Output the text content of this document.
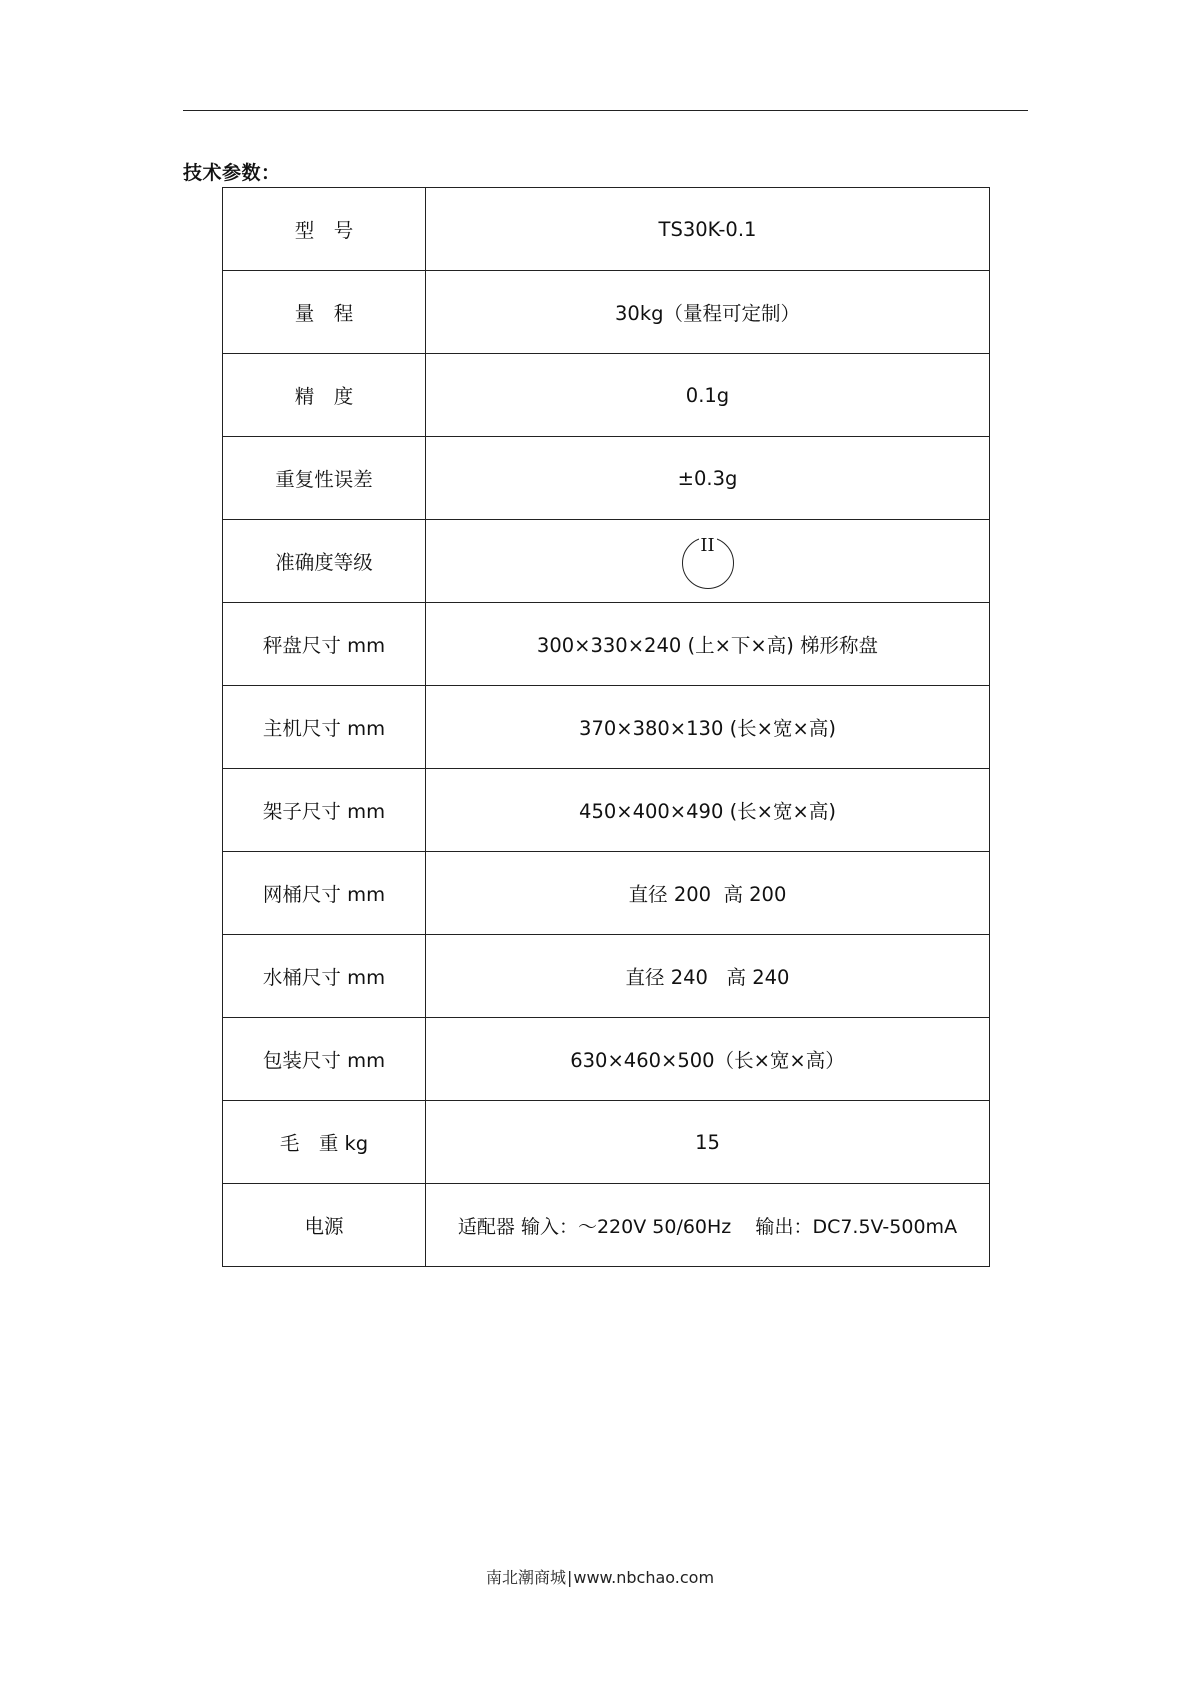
技术参数：
型　号	TS30K-0.1
量　程	30kg（量程可定制）
精　度	0.1g
重复性误差	±0.3g
准确度等级	II

秤盘尺寸 mm	300×330×240 (上×下×高) 梯形称盘
主机尺寸 mm	370×380×130 (长×宽×高)
架子尺寸 mm	450×400×490 (长×宽×高)
网桶尺寸 mm	直径 200  高 200
水桶尺寸 mm	直径 240   高 240
包装尺寸 mm	630×460×500（长×宽×高）
毛　重 kg	15
电源	适配器 输入：～220V 50/60Hz    输出：DC7.5V-500mA
南北潮商城|www.nbchao.com
